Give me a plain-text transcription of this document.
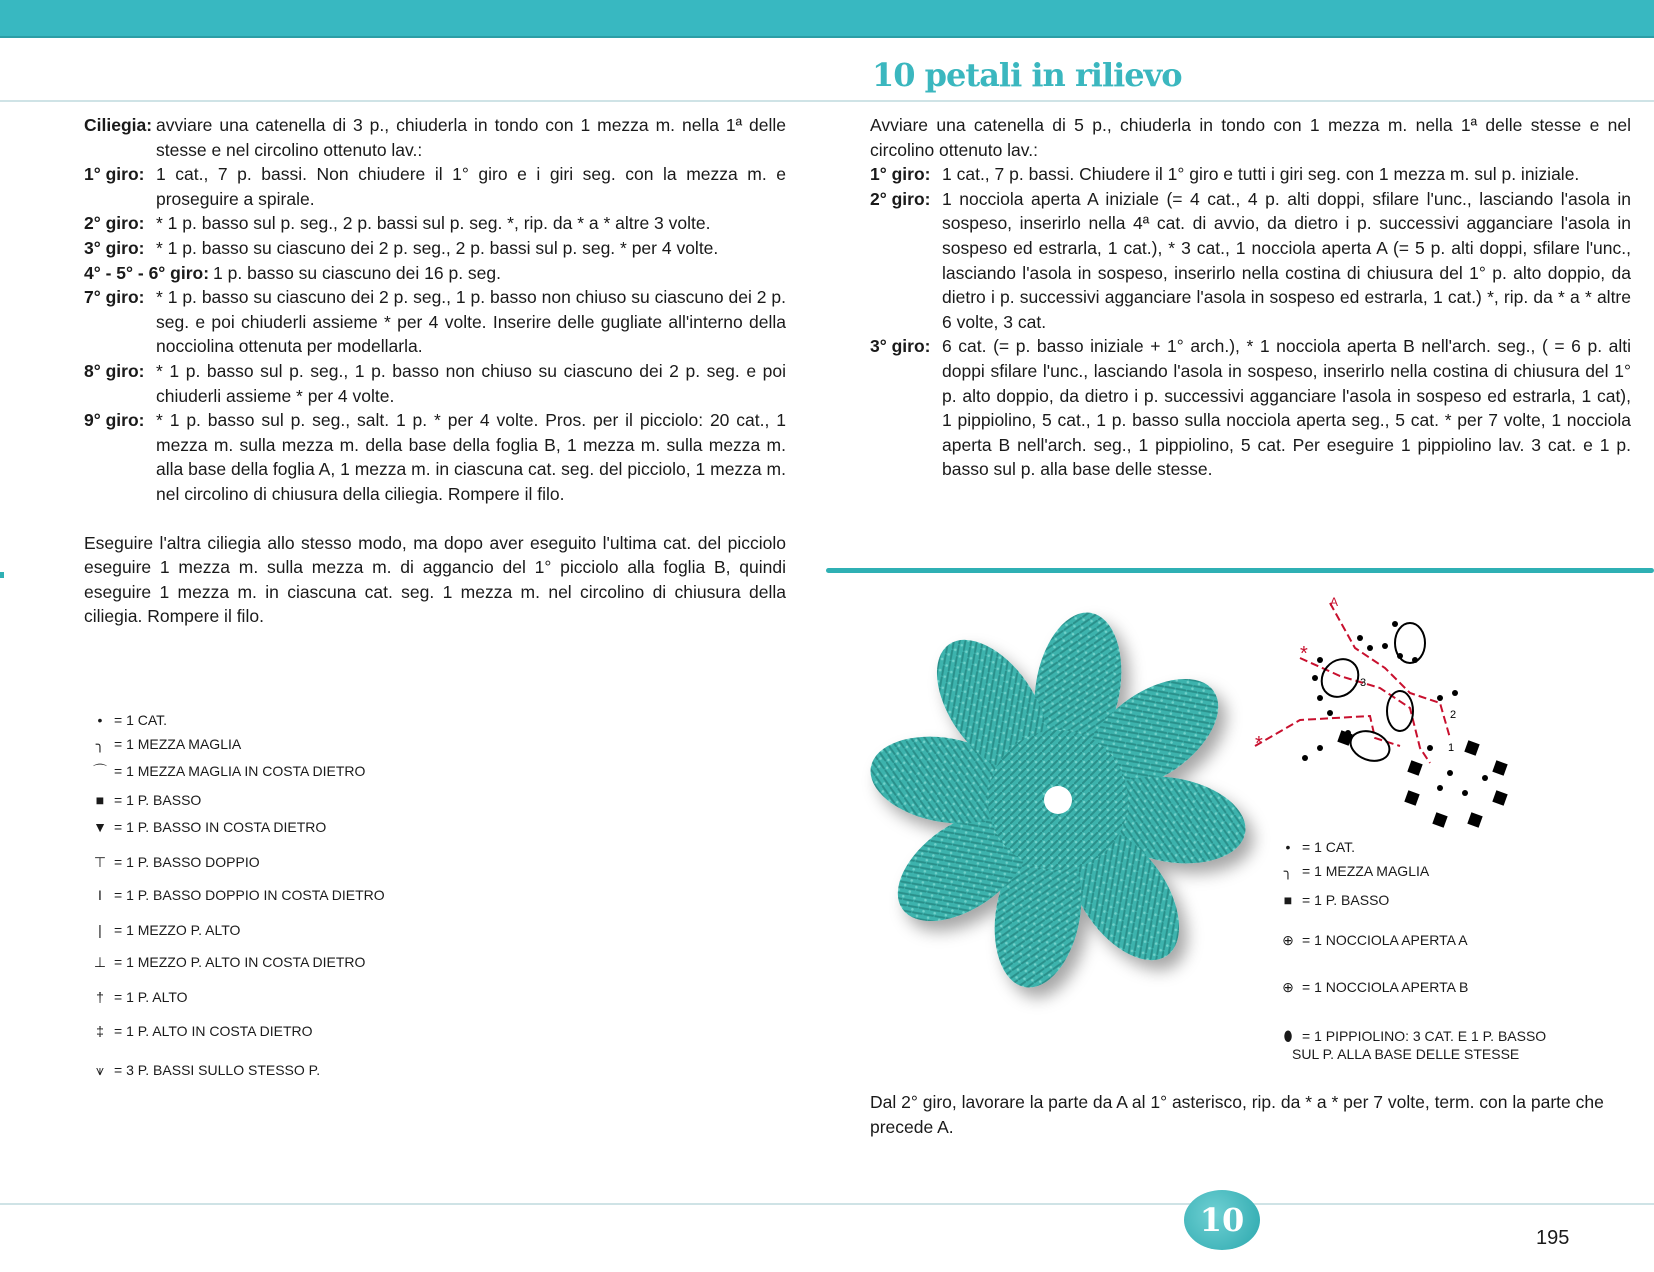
10 petali in rilievo
Ciliegia: avviare una catenella di 3 p., chiuderla in tondo con 1 mezza m. nella 1ª delle stesse e nel circolino ottenuto lav.:
1° giro: 1 cat., 7 p. bassi. Non chiudere il 1° giro e i giri seg. con la mezza m. e proseguire a spirale.
2° giro: * 1 p. basso sul p. seg., 2 p. bassi sul p. seg. *, rip. da * a * altre 3 volte.
3° giro: * 1 p. basso su ciascuno dei 2 p. seg., 2 p. bassi sul p. seg. * per 4 volte.
4° - 5° - 6° giro: 1 p. basso su ciascuno dei 16 p. seg.
7° giro: * 1 p. basso su ciascuno dei 2 p. seg., 1 p. basso non chiuso su ciascuno dei 2 p. seg. e poi chiuderli assieme * per 4 volte. Inserire delle gugliate all'interno della nocciolina ottenuta per modellarla.
8° giro: * 1 p. basso sul p. seg., 1 p. basso non chiuso su ciascuno dei 2 p. seg. e poi chiuderli assieme * per 4 volte.
9° giro: * 1 p. basso sul p. seg., salt. 1 p. * per 4 volte. Pros. per il picciolo: 20 cat., 1 mezza m. sulla mezza m. della base della foglia B, 1 mezza m. sulla mezza m. alla base della foglia A, 1 mezza m. in ciascuna cat. seg. del picciolo, 1 mezza m. nel circolino di chiusura della ciliegia. Rompere il filo.

Eseguire l'altra ciliegia allo stesso modo, ma dopo aver eseguito l'ultima cat. del picciolo eseguire 1 mezza m. sulla mezza m. di aggancio del 1° picciolo alla foglia B, quindi eseguire 1 mezza m. in ciascuna cat. seg. 1 mezza m. nel circolino di chiusura della ciliegia. Rompere il filo.

Avviare una catenella di 5 p., chiuderla in tondo con 1 mezza m. nella 1ª delle stesse e nel circolino ottenuto lav.:

1° giro: 1 cat., 7 p. bassi. Chiudere il 1° giro e tutti i giri seg. con 1 mezza m. sul p. iniziale.
2° giro: 1 nocciola aperta A iniziale (= 4 cat., 4 p. alti doppi, sfilare l'unc., lasciando l'asola in sospeso, inserirlo nella 4ª cat. di avvio, da dietro i p. successivi agganciare l'asola in sospeso ed estrarla, 1 cat.), * 3 cat., 1 nocciola aperta A (= 5 p. alti doppi, sfilare l'unc., lasciando l'asola in sospeso, inserirlo nella costina di chiusura del 1° p. alto doppio, da dietro i p. successivi agganciare l'asola in sospeso ed estrarla, 1 cat.) *, rip. da * a * altre 6 volte, 3 cat.
3° giro: 6 cat. (= p. basso iniziale + 1° arch.), * 1 nocciola aperta B nell'arch. seg., ( = 6 p. alti doppi sfilare l'unc., lasciando l'asola in sospeso, inserirlo nella costina di chiusura del 1° p. alto doppio, da dietro i p. successivi agganciare l'asola in sospeso ed estrarla, 1 cat), 1 pippiolino, 5 cat., 1 p. basso sulla nocciola aperta seg., 5 cat. * per 7 volte, 1 nocciola aperta B nell'arch. seg., 1 pippiolino, 5 cat. Per eseguire 1 pippiolino lav. 3 cat. e 1 p. basso sul p. alla base delle stesse.
*
*
A
3
2
1
• = 1 CAT.
╮ = 1 MEZZA MAGLIA
⌒ = 1 MEZZA MAGLIA IN COSTA DIETRO
■ = 1 P. BASSO
▼ = 1 P. BASSO IN COSTA DIETRO
⊤ = 1 P. BASSO DOPPIO
I = 1 P. BASSO DOPPIO IN COSTA DIETRO
| = 1 MEZZO P. ALTO
⊥ = 1 MEZZO P. ALTO IN COSTA DIETRO
† = 1 P. ALTO
‡ = 1 P. ALTO IN COSTA DIETRO
⩛ = 3 P. BASSI SULLO STESSO P.
• = 1 CAT.
╮ = 1 MEZZA MAGLIA
■ = 1 P. BASSO
⊕ = 1 NOCCIOLA APERTA A
⊕ = 1 NOCCIOLA APERTA B
⬮ = 1 PIPPIOLINO: 3 CAT. E 1 P. BASSO
SUL P. ALLA BASE DELLE STESSE

Dal 2° giro, lavorare la parte da A al 1° asterisco, rip. da * a * per 7 volte, term. con la parte che precede A.

10	195
